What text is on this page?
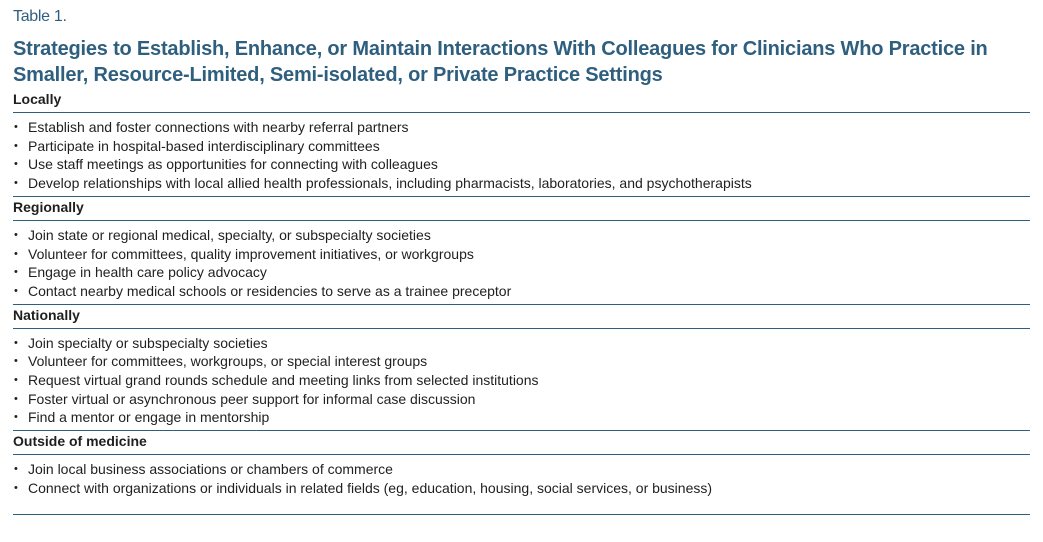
Table 1.
Strategies to Establish, Enhance, or Maintain Interactions With Colleagues for Clinicians Who Practice in Smaller, Resource-Limited, Semi-isolated, or Private Practice Settings
Locally
• Establish and foster connections with nearby referral partners
• Participate in hospital-based interdisciplinary committees
• Use staff meetings as opportunities for connecting with colleagues
• Develop relationships with local allied health professionals, including pharmacists, laboratories, and psychotherapists
Regionally
• Join state or regional medical, specialty, or subspecialty societies
• Volunteer for committees, quality improvement initiatives, or workgroups
• Engage in health care policy advocacy
• Contact nearby medical schools or residencies to serve as a trainee preceptor
Nationally
• Join specialty or subspecialty societies
• Volunteer for committees, workgroups, or special interest groups
• Request virtual grand rounds schedule and meeting links from selected institutions
• Foster virtual or asynchronous peer support for informal case discussion
• Find a mentor or engage in mentorship
Outside of medicine
• Join local business associations or chambers of commerce
• Connect with organizations or individuals in related fields (eg, education, housing, social services, or business)
